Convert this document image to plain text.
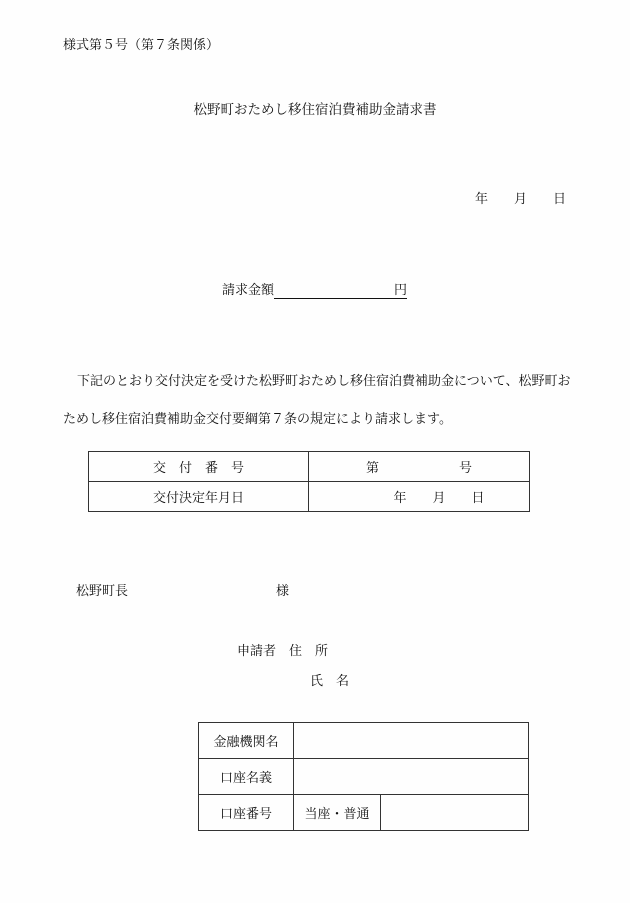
様式第５号（第７条関係）
松野町おためし移住宿泊費補助金請求書
年 月 日
請求金額	円
下記のとおり交付決定を受けた松野町おためし移住宿泊費補助金について、松野町おためし移住宿泊費補助金交付要綱第７条の規定により請求します。
交　付　番　号	第 号
交付決定年月日	年 月 日
松野町長	様
申請者 住　所
氏　名
金融機関名		
口座名義		
口座番号	当座・普通	
